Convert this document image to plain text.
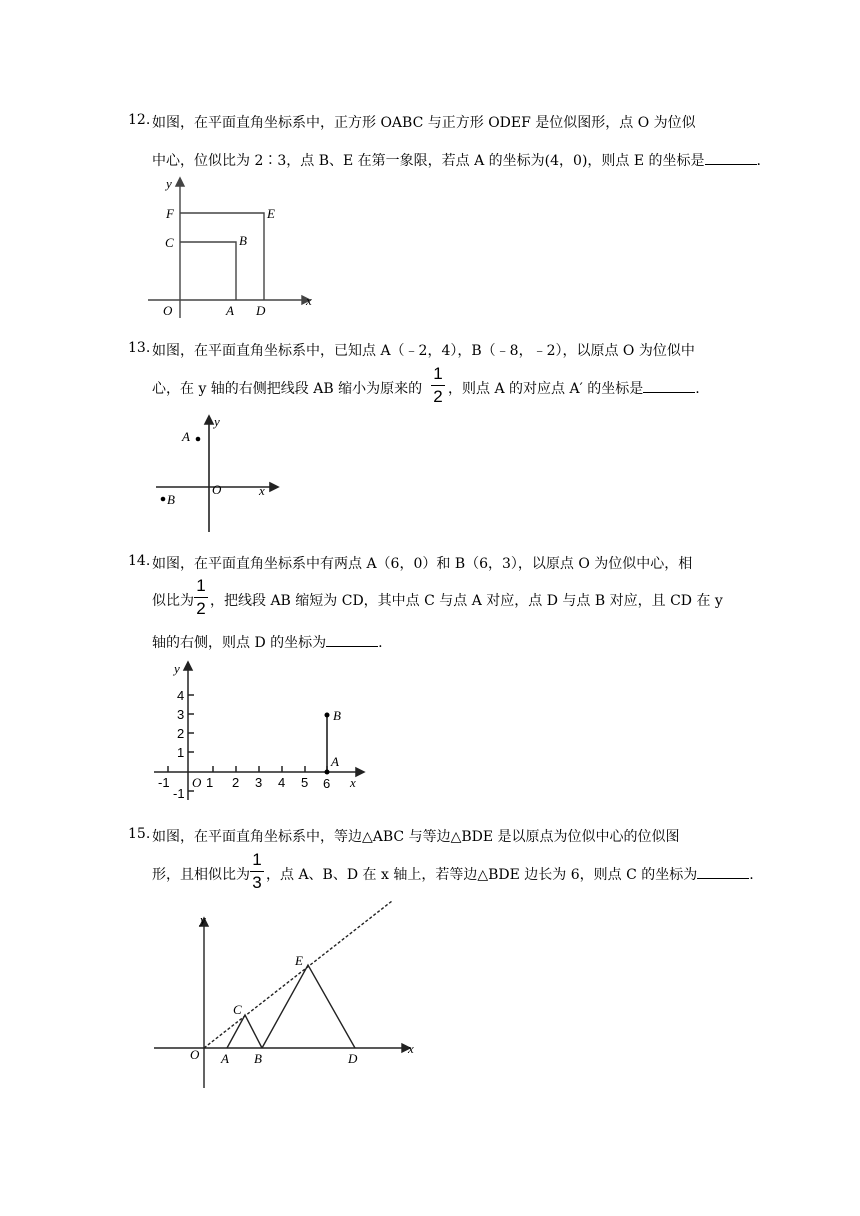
12. 如图，在平面直角坐标系中，正方形 OABC 与正方形 ODEF 是位似图形，点 O 为位似
中心，位似比为 2∶3，点 B、E 在第一象限，若点 A 的坐标为(4，0)，则点 E 的坐标是	.
y
F	E
C	B
O	A D
x
13. 如图，在平面直角坐标系中，已知点 A（﹣2，4），B（﹣8，﹣2），以原点 O 为位似中
心，在 y 轴的右侧把线段 AB 缩小为原来的
1
2 ，则点 A 的对应点 A′ 的坐标是	.
A
y
O	x
B
14. 如图，在平面直角坐标系中有两点 A（6，0）和 B（6，3），以原点 O 为位似中心，相
似比为
1
2 ，把线段 AB 缩短为 CD，其中点 C 与点 A 对应，点 D 与点 B 对应，且 CD 在 y
轴的右侧，则点 D 的坐标为	.
y
4
3
2
1
-1
-1 O 1 2 3 4 5 6
B
A
x
15. 如图，在平面直角坐标系中，等边△ABC 与等边△BDE 是以原点为位似中心的位似图
形，且相似比为
1
3 ，点 A、B、D 在 x 轴上，若等边△BDE 边长为 6，则点 C 的坐标为	.
y
E
C
O A B	D
x
